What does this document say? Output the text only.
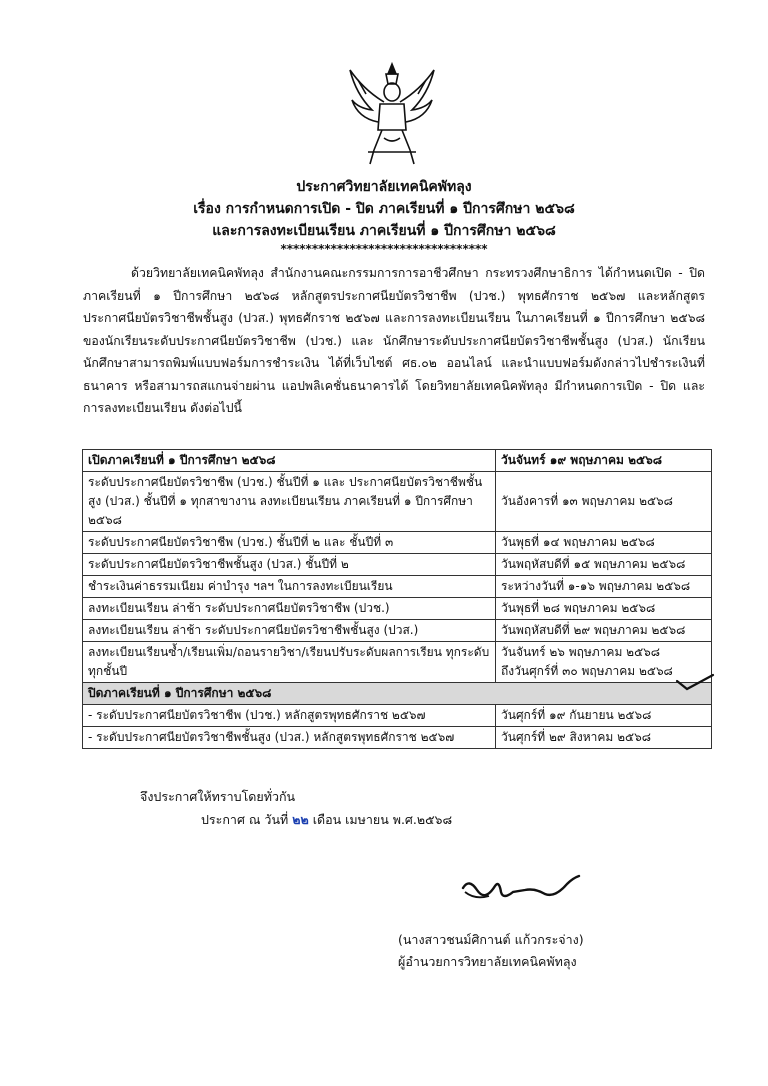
ประกาศวิทยาลัยเทคนิคพัทลุง
เรื่อง การกำหนดการเปิด - ปิด ภาคเรียนที่ ๑ ปีการศึกษา ๒๕๖๘
และการลงทะเบียนเรียน ภาคเรียนที่ ๑ ปีการศึกษา ๒๕๖๘
*********************************
ด้วยวิทยาลัยเทคนิคพัทลุง สำนักงานคณะกรรมการการอาชีวศึกษา กระทรวงศึกษาธิการ ได้กำหนดเปิด - ปิด ภาคเรียนที่ ๑ ปีการศึกษา ๒๕๖๘ หลักสูตรประกาศนียบัตรวิชาชีพ (ปวช.) พุทธศักราช ๒๕๖๗ และหลักสูตรประกาศนียบัตรวิชาชีพชั้นสูง (ปวส.) พุทธศักราช ๒๕๖๗ และการลงทะเบียนเรียน ในภาคเรียนที่ ๑ ปีการศึกษา ๒๕๖๘ ของนักเรียนระดับประกาศนียบัตรวิชาชีพ (ปวช.) และ นักศึกษาระดับประกาศนียบัตรวิชาชีพชั้นสูง (ปวส.) นักเรียน นักศึกษาสามารถพิมพ์แบบฟอร์มการชำระเงิน ได้ที่เว็บไซต์ ศธ.๐๒ ออนไลน์ และนำแบบฟอร์มดังกล่าวไปชำระเงินที่ธนาคาร หรือสามารถสแกนจ่ายผ่าน แอปพลิเคชั่นธนาคารได้ โดยวิทยาลัยเทคนิคพัทลุง มีกำหนดการเปิด - ปิด และการลงทะเบียนเรียน ดังต่อไปนี้
เปิดภาคเรียนที่ ๑ ปีการศึกษา ๒๕๖๘	วันจันทร์ ๑๙ พฤษภาคม ๒๕๖๘
ระดับประกาศนียบัตรวิชาชีพ (ปวช.) ชั้นปีที่ ๑ และ ประกาศนียบัตรวิชาชีพชั้นสูง (ปวส.) ชั้นปีที่ ๑ ทุกสาขางาน ลงทะเบียนเรียน ภาคเรียนที่ ๑ ปีการศึกษา ๒๕๖๘	วันอังคารที่ ๑๓ พฤษภาคม ๒๕๖๘
ระดับประกาศนียบัตรวิชาชีพ (ปวช.) ชั้นปีที่ ๒ และ ชั้นปีที่ ๓	วันพุธที่ ๑๔ พฤษภาคม ๒๕๖๘
ระดับประกาศนียบัตรวิชาชีพชั้นสูง (ปวส.) ชั้นปีที่ ๒	วันพฤหัสบดีที่ ๑๕ พฤษภาคม ๒๕๖๘
ชำระเงินค่าธรรมเนียม ค่าบำรุง ฯลฯ ในการลงทะเบียนเรียน	ระหว่างวันที่ ๑-๑๖ พฤษภาคม ๒๕๖๘
ลงทะเบียนเรียน ล่าช้า ระดับประกาศนียบัตรวิชาชีพ (ปวช.)	วันพุธที่ ๒๘ พฤษภาคม ๒๕๖๘
ลงทะเบียนเรียน ล่าช้า ระดับประกาศนียบัตรวิชาชีพชั้นสูง (ปวส.)	วันพฤหัสบดีที่ ๒๙ พฤษภาคม ๒๕๖๘
ลงทะเบียนเรียนซ้ำ/เรียนเพิ่ม/ถอนรายวิชา/เรียนปรับระดับผลการเรียน ทุกระดับ ทุกชั้นปี	วันจันทร์ ๒๖ พฤษภาคม ๒๕๖๘
ถึงวันศุกร์ที่ ๓๐ พฤษภาคม ๒๕๖๘

ปิดภาคเรียนที่ ๑ ปีการศึกษา ๒๕๖๘	
- ระดับประกาศนียบัตรวิชาชีพ (ปวช.) หลักสูตรพุทธศักราช ๒๕๖๗	วันศุกร์ที่ ๑๙ กันยายน ๒๕๖๘
- ระดับประกาศนียบัตรวิชาชีพชั้นสูง (ปวส.) หลักสูตรพุทธศักราช ๒๕๖๗	วันศุกร์ที่ ๒๙ สิงหาคม ๒๕๖๘
จึงประกาศให้ทราบโดยทั่วกัน
ประกาศ ณ วันที่ ๒๒ เดือน เมษายน พ.ศ.๒๕๖๘
(นางสาวชนม์ศิกานต์ แก้วกระจ่าง)
ผู้อำนวยการวิทยาลัยเทคนิคพัทลุง
